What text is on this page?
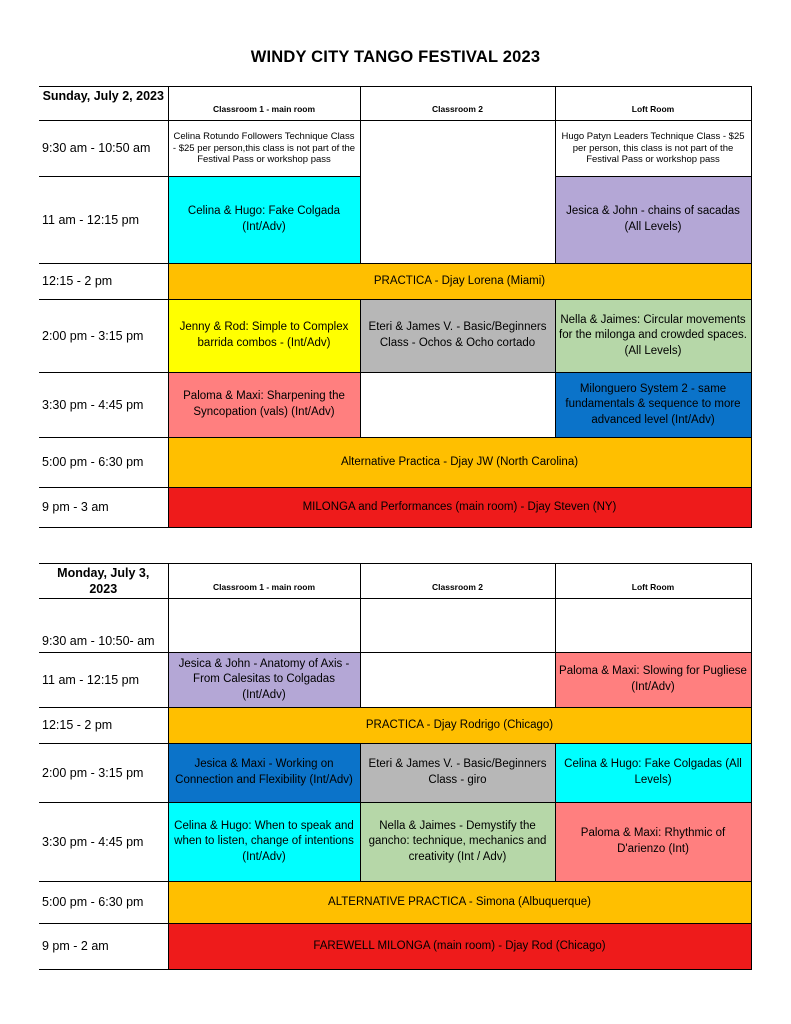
WINDY CITY TANGO FESTIVAL 2023
Sunday, July 2, 2023	Classroom 1 - main room	Classroom 2	Loft Room
9:30 am - 10:50 am	Celina Rotundo Followers Technique Class - $25 per person,this class is not part of the Festival Pass or workshop pass		Hugo Patyn Leaders Technique Class - $25 per person, this class is not part of the Festival Pass or workshop pass
11 am - 12:15 pm	Celina & Hugo: Fake Colgada (Int/Adv)		Jesica & John - chains of sacadas (All Levels)
12:15 - 2 pm	PRACTICA - Djay Lorena (Miami)		
2:00 pm - 3:15 pm	Jenny & Rod: Simple to Complex barrida combos - (Int/Adv)	Eteri & James V. - Basic/Beginners Class - Ochos & Ocho cortado	Nella & Jaimes: Circular movements for the milonga and crowded spaces. (All Levels)
3:30 pm - 4:45 pm	Paloma & Maxi: Sharpening the Syncopation (vals) (Int/Adv)		Milonguero System 2 - same fundamentals & sequence to more advanced level (Int/Adv)
5:00 pm - 6:30 pm	Alternative Practica - Djay JW (North Carolina)		
9 pm - 3 am	MILONGA and Performances (main room) - Djay Steven (NY)		
Monday, July 3, 2023	Classroom 1 - main room	Classroom 2	Loft Room
9:30 am - 10:50- am			
11 am - 12:15 pm	Jesica & John - Anatomy of Axis - From Calesitas to Colgadas (Int/Adv)		Paloma & Maxi: Slowing for Pugliese (Int/Adv)
12:15 - 2 pm	PRACTICA - Djay Rodrigo (Chicago)		
2:00 pm - 3:15 pm	Jesica & Maxi - Working on Connection and Flexibility (Int/Adv)	Eteri & James V. - Basic/Beginners Class - giro	Celina & Hugo: Fake Colgadas (All Levels)
3:30 pm - 4:45 pm	Celina & Hugo: When to speak and when to listen, change of intentions (Int/Adv)	Nella & Jaimes - Demystify the gancho: technique, mechanics and creativity (Int / Adv)	Paloma & Maxi: Rhythmic of D'arienzo (Int)
5:00 pm - 6:30 pm	ALTERNATIVE PRACTICA - Simona (Albuquerque)		
9 pm - 2 am	FAREWELL MILONGA (main room) - Djay Rod (Chicago)		
